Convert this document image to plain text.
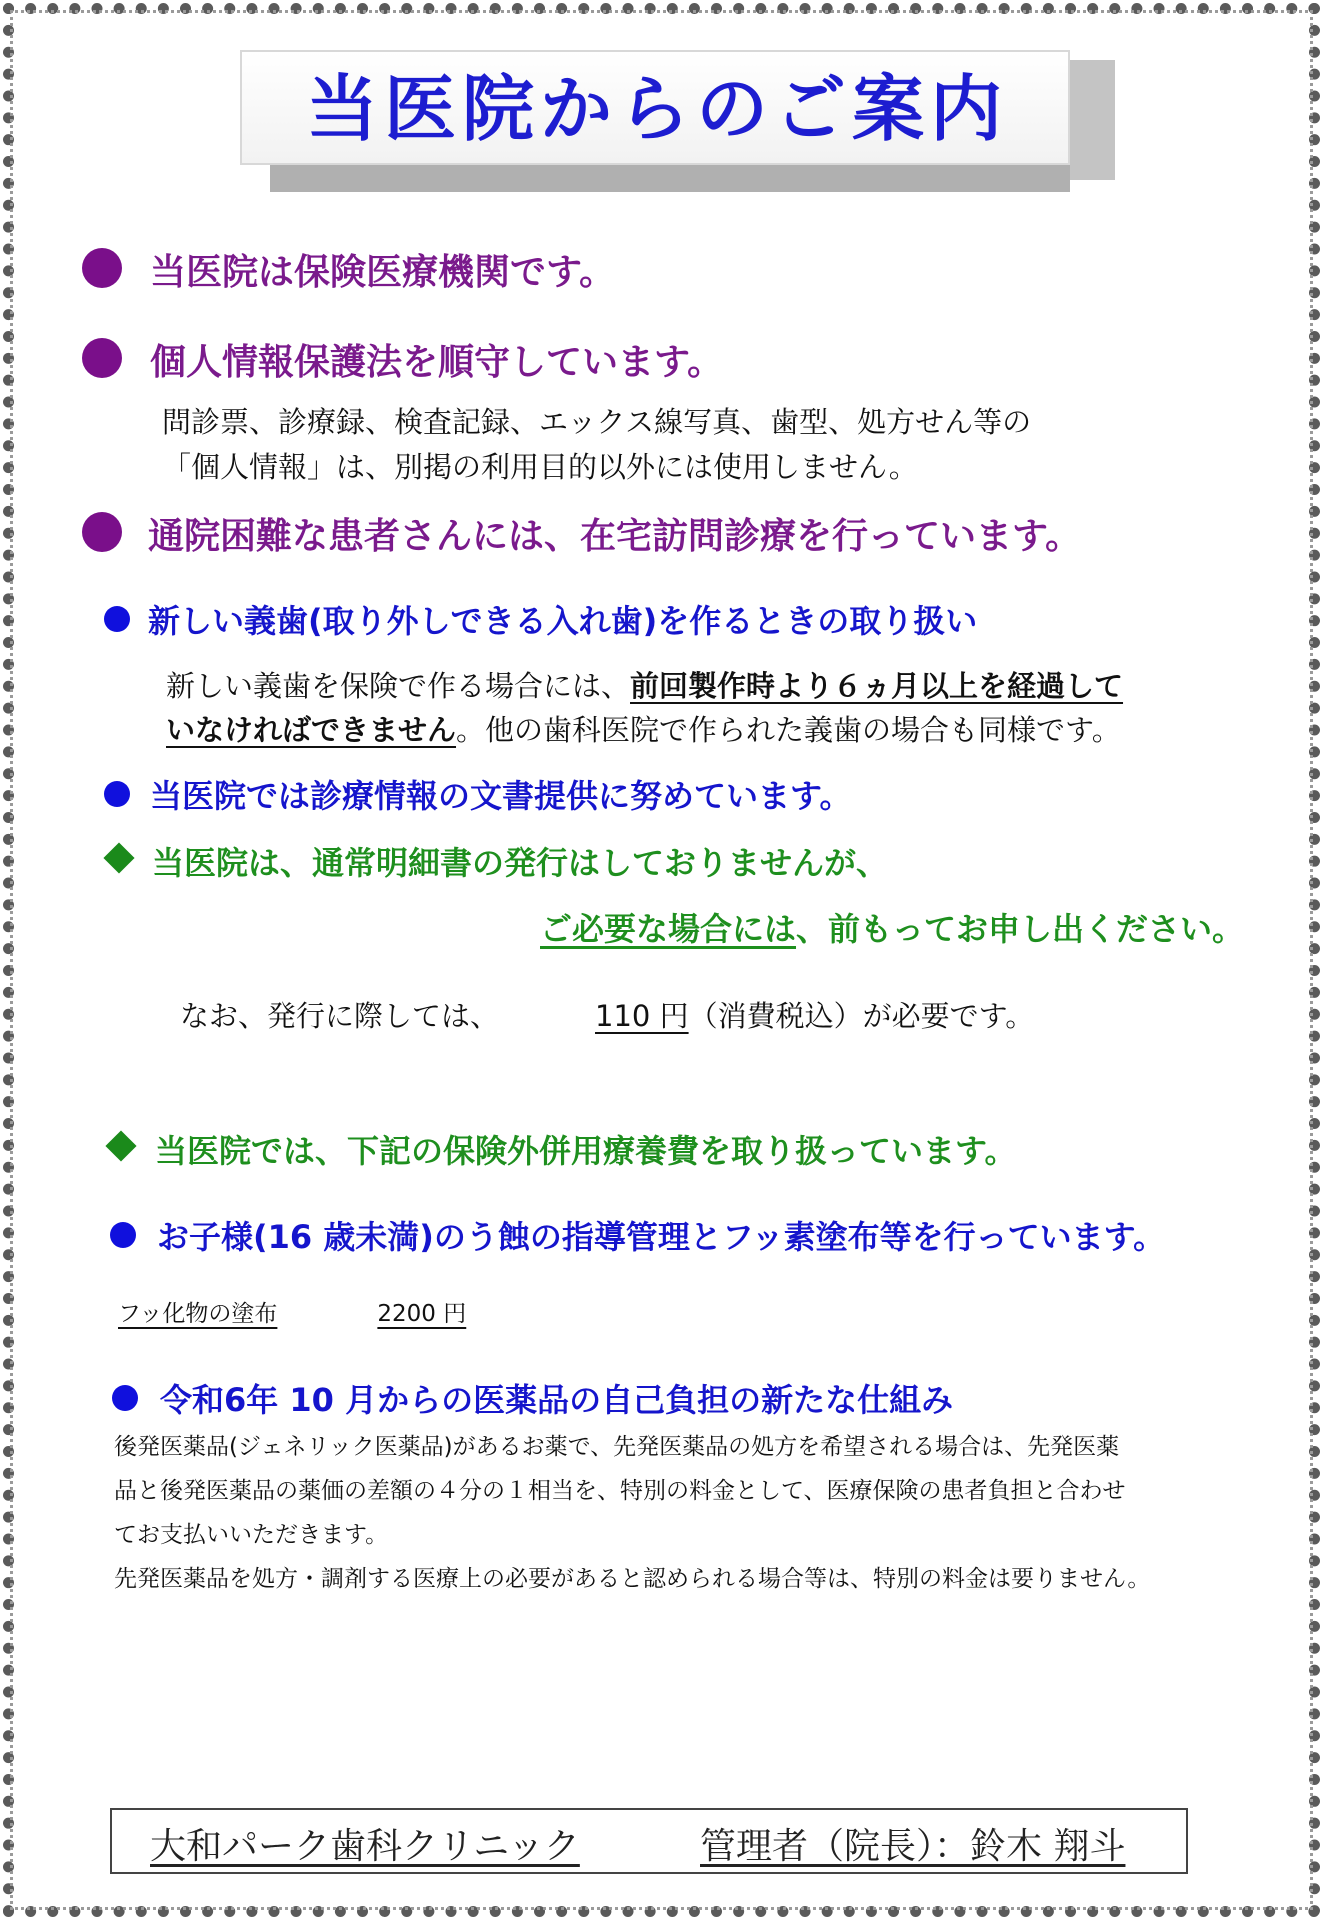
当医院からのご案内
当医院は保険医療機関です。
個人情報保護法を順守しています。
問診票、診療録、検査記録、エックス線写真、歯型、処方せん等の
「個人情報」は、別掲の利用目的以外には使用しません。
通院困難な患者さんには、在宅訪問診療を行っています。
新しい義歯(取り外しできる入れ歯)を作るときの取り扱い
新しい義歯を保険で作る場合には、前回製作時より６ヵ月以上を経過して
いなければできません。他の歯科医院で作られた義歯の場合も同様です。
当医院では診療情報の文書提供に努めています。
当医院は、通常明細書の発行はしておりませんが、
ご必要な場合には、前もってお申し出ください。
なお、発行に際しては、	110 円（消費税込）が必要です。
当医院では、下記の保険外併用療養費を取り扱っています。
お子様(16 歳未満)のう蝕の指導管理とフッ素塗布等を行っています。
フッ化物の塗布	2200 円
令和6年 10 月からの医薬品の自己負担の新たな仕組み
後発医薬品(ジェネリック医薬品)があるお薬で、先発医薬品の処方を希望される場合は、先発医薬
品と後発医薬品の薬価の差額の４分の１相当を、特別の料金として、医療保険の患者負担と合わせ
てお支払いいただきます。
先発医薬品を処方・調剤する医療上の必要があると認められる場合等は、特別の料金は要りません。
大和パーク歯科クリニック	管理者（院長）：鈴木 翔斗
